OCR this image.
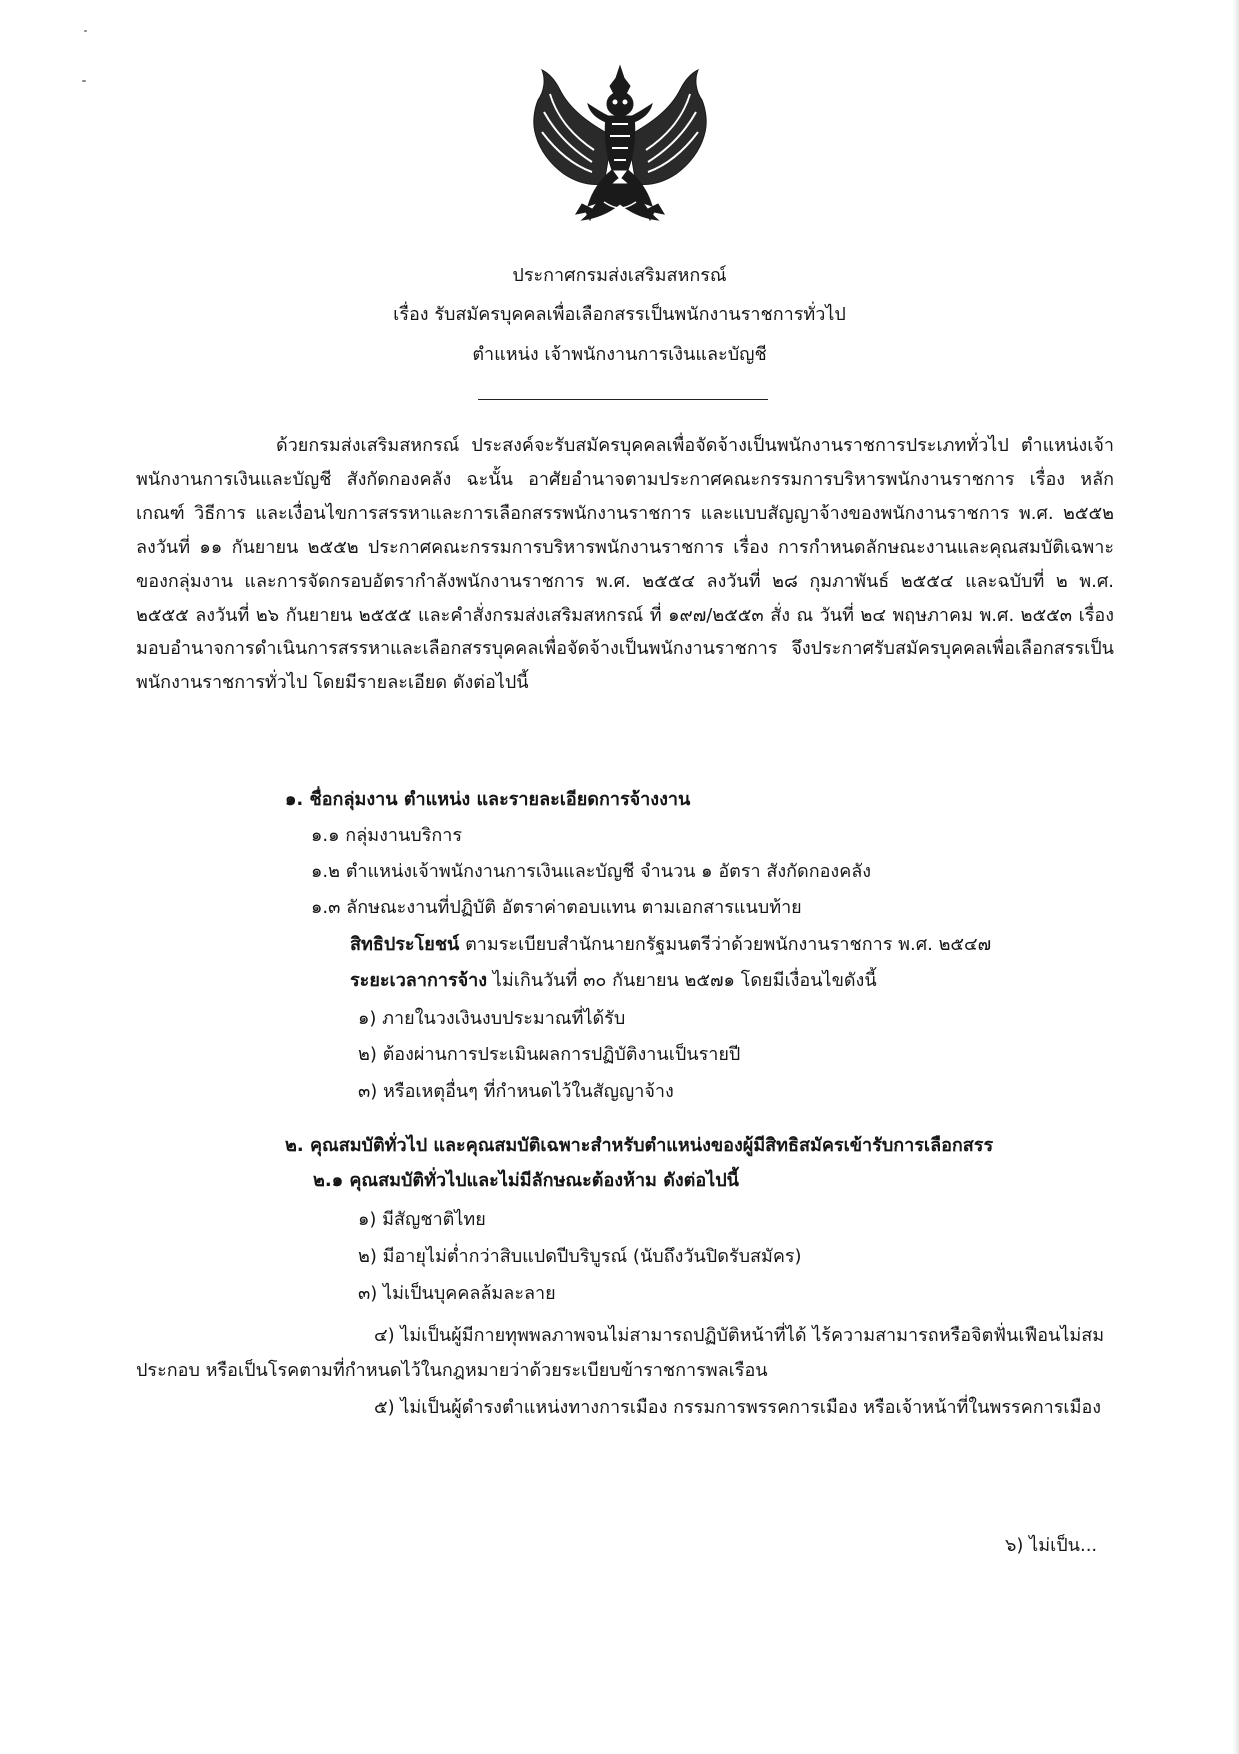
ประกาศกรมส่งเสริมสหกรณ์

เรื่อง รับสมัครบุคคลเพื่อเลือกสรรเป็นพนักงานราชการทั่วไป

ตำแหน่ง เจ้าพนักงานการเงินและบัญชี

ด้วยกรมส่งเสริมสหกรณ์ ประสงค์จะรับสมัครบุคคลเพื่อจัดจ้างเป็นพนักงานราชการประเภททั่วไป ตำแหน่งเจ้าพนักงานการเงินและบัญชี สังกัดกองคลัง ฉะนั้น อาศัยอำนาจตามประกาศคณะกรรมการบริหารพนักงานราชการ เรื่อง หลักเกณฑ์ วิธีการ และเงื่อนไขการสรรหาและการเลือกสรรพนักงานราชการ และแบบสัญญาจ้างของพนักงานราชการ พ.ศ. ๒๕๕๒ ลงวันที่ ๑๑ กันยายน ๒๕๕๒ ประกาศคณะกรรมการบริหารพนักงานราชการ เรื่อง การกำหนดลักษณะงานและคุณสมบัติเฉพาะของกลุ่มงาน และการจัดกรอบอัตรากำลังพนักงานราชการ พ.ศ. ๒๕๕๔ ลงวันที่ ๒๘ กุมภาพันธ์ ๒๕๕๔ และฉบับที่ ๒ พ.ศ. ๒๕๕๕ ลงวันที่ ๒๖ กันยายน ๒๕๕๕ และคำสั่งกรมส่งเสริมสหกรณ์ ที่ ๑๙๗/๒๕๕๓ สั่ง ณ วันที่ ๒๔ พฤษภาคม พ.ศ. ๒๕๕๓ เรื่อง มอบอำนาจการดำเนินการสรรหาและเลือกสรรบุคคลเพื่อจัดจ้างเป็นพนักงานราชการ จึงประกาศรับสมัครบุคคลเพื่อเลือกสรรเป็นพนักงานราชการทั่วไป โดยมีรายละเอียด ดังต่อไปนี้

๑. ชื่อกลุ่มงาน ตำแหน่ง และรายละเอียดการจ้างงาน

๑.๑ กลุ่มงานบริการ

๑.๒ ตำแหน่งเจ้าพนักงานการเงินและบัญชี จำนวน ๑ อัตรา สังกัดกองคลัง

๑.๓ ลักษณะงานที่ปฏิบัติ อัตราค่าตอบแทน ตามเอกสารแนบท้าย

สิทธิประโยชน์ ตามระเบียบสำนักนายกรัฐมนตรีว่าด้วยพนักงานราชการ พ.ศ. ๒๕๔๗

ระยะเวลาการจ้าง ไม่เกินวันที่ ๓๐ กันยายน ๒๕๗๑ โดยมีเงื่อนไขดังนี้

๑) ภายในวงเงินงบประมาณที่ได้รับ

๒) ต้องผ่านการประเมินผลการปฏิบัติงานเป็นรายปี

๓) หรือเหตุอื่นๆ ที่กำหนดไว้ในสัญญาจ้าง

๒. คุณสมบัติทั่วไป และคุณสมบัติเฉพาะสำหรับตำแหน่งของผู้มีสิทธิสมัครเข้ารับการเลือกสรร

๒.๑ คุณสมบัติทั่วไปและไม่มีลักษณะต้องห้าม ดังต่อไปนี้

๑) มีสัญชาติไทย

๒) มีอายุไม่ต่ำกว่าสิบแปดปีบริบูรณ์ (นับถึงวันปิดรับสมัคร)

๓) ไม่เป็นบุคคลล้มละลาย

๔) ไม่เป็นผู้มีกายทุพพลภาพจนไม่สามารถปฏิบัติหน้าที่ได้ ไร้ความสามารถหรือจิตฟั่นเฟือนไม่สมประกอบ หรือเป็นโรคตามที่กำหนดไว้ในกฎหมายว่าด้วยระเบียบข้าราชการพลเรือน

๕) ไม่เป็นผู้ดำรงตำแหน่งทางการเมือง กรรมการพรรคการเมือง หรือเจ้าหน้าที่ในพรรคการเมือง

๖) ไม่เป็น...
